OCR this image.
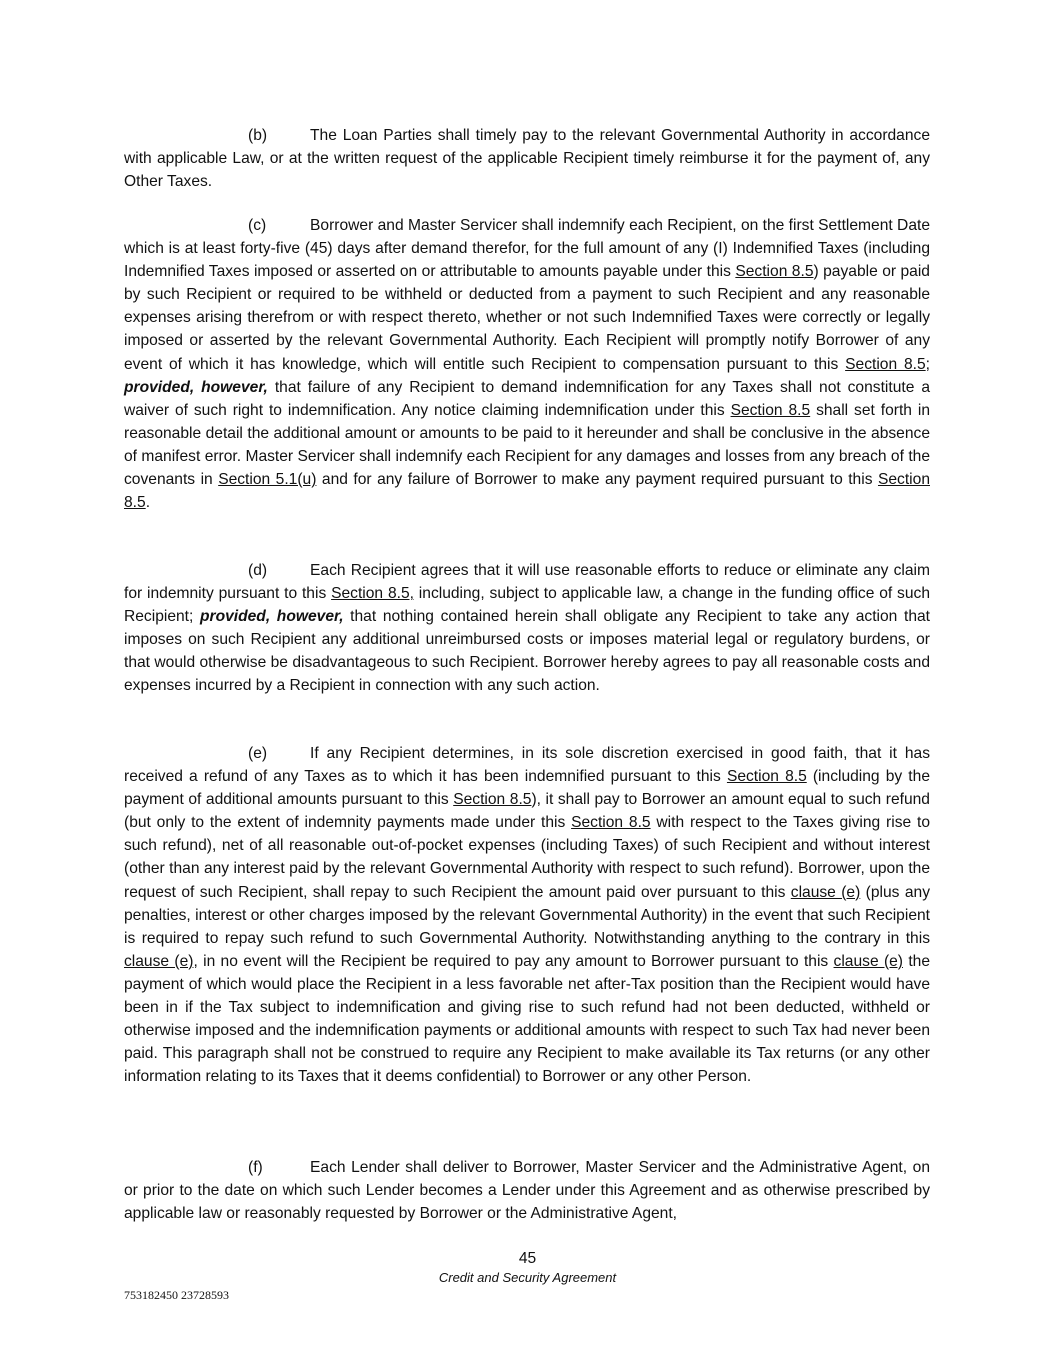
(b)	The Loan Parties shall timely pay to the relevant Governmental Authority in accordance with applicable Law, or at the written request of the applicable Recipient timely reimburse it for the payment of, any Other Taxes.
(c)	Borrower and Master Servicer shall indemnify each Recipient, on the first Settlement Date which is at least forty-five (45) days after demand therefor, for the full amount of any (I) Indemnified Taxes (including Indemnified Taxes imposed or asserted on or attributable to amounts payable under this Section 8.5) payable or paid by such Recipient or required to be withheld or deducted from a payment to such Recipient and any reasonable expenses arising therefrom or with respect thereto, whether or not such Indemnified Taxes were correctly or legally imposed or asserted by the relevant Governmental Authority. Each Recipient will promptly notify Borrower of any event of which it has knowledge, which will entitle such Recipient to compensation pursuant to this Section 8.5; provided, however, that failure of any Recipient to demand indemnification for any Taxes shall not constitute a waiver of such right to indemnification. Any notice claiming indemnification under this Section 8.5 shall set forth in reasonable detail the additional amount or amounts to be paid to it hereunder and shall be conclusive in the absence of manifest error. Master Servicer shall indemnify each Recipient for any damages and losses from any breach of the covenants in Section 5.1(u) and for any failure of Borrower to make any payment required pursuant to this Section 8.5.
(d)	Each Recipient agrees that it will use reasonable efforts to reduce or eliminate any claim for indemnity pursuant to this Section 8.5, including, subject to applicable law, a change in the funding office of such Recipient; provided, however, that nothing contained herein shall obligate any Recipient to take any action that imposes on such Recipient any additional unreimbursed costs or imposes material legal or regulatory burdens, or that would otherwise be disadvantageous to such Recipient. Borrower hereby agrees to pay all reasonable costs and expenses incurred by a Recipient in connection with any such action.
(e)	If any Recipient determines, in its sole discretion exercised in good faith, that it has received a refund of any Taxes as to which it has been indemnified pursuant to this Section 8.5 (including by the payment of additional amounts pursuant to this Section 8.5), it shall pay to Borrower an amount equal to such refund (but only to the extent of indemnity payments made under this Section 8.5 with respect to the Taxes giving rise to such refund), net of all reasonable out-of-pocket expenses (including Taxes) of such Recipient and without interest (other than any interest paid by the relevant Governmental Authority with respect to such refund). Borrower, upon the request of such Recipient, shall repay to such Recipient the amount paid over pursuant to this clause (e) (plus any penalties, interest or other charges imposed by the relevant Governmental Authority) in the event that such Recipient is required to repay such refund to such Governmental Authority. Notwithstanding anything to the contrary in this clause (e), in no event will the Recipient be required to pay any amount to Borrower pursuant to this clause (e) the payment of which would place the Recipient in a less favorable net after-Tax position than the Recipient would have been in if the Tax subject to indemnification and giving rise to such refund had not been deducted, withheld or otherwise imposed and the indemnification payments or additional amounts with respect to such Tax had never been paid. This paragraph shall not be construed to require any Recipient to make available its Tax returns (or any other information relating to its Taxes that it deems confidential) to Borrower or any other Person.
(f)	Each Lender shall deliver to Borrower, Master Servicer and the Administrative Agent, on or prior to the date on which such Lender becomes a Lender under this Agreement and as otherwise prescribed by applicable law or reasonably requested by Borrower or the Administrative Agent,
45
Credit and Security Agreement
753182450 23728593
